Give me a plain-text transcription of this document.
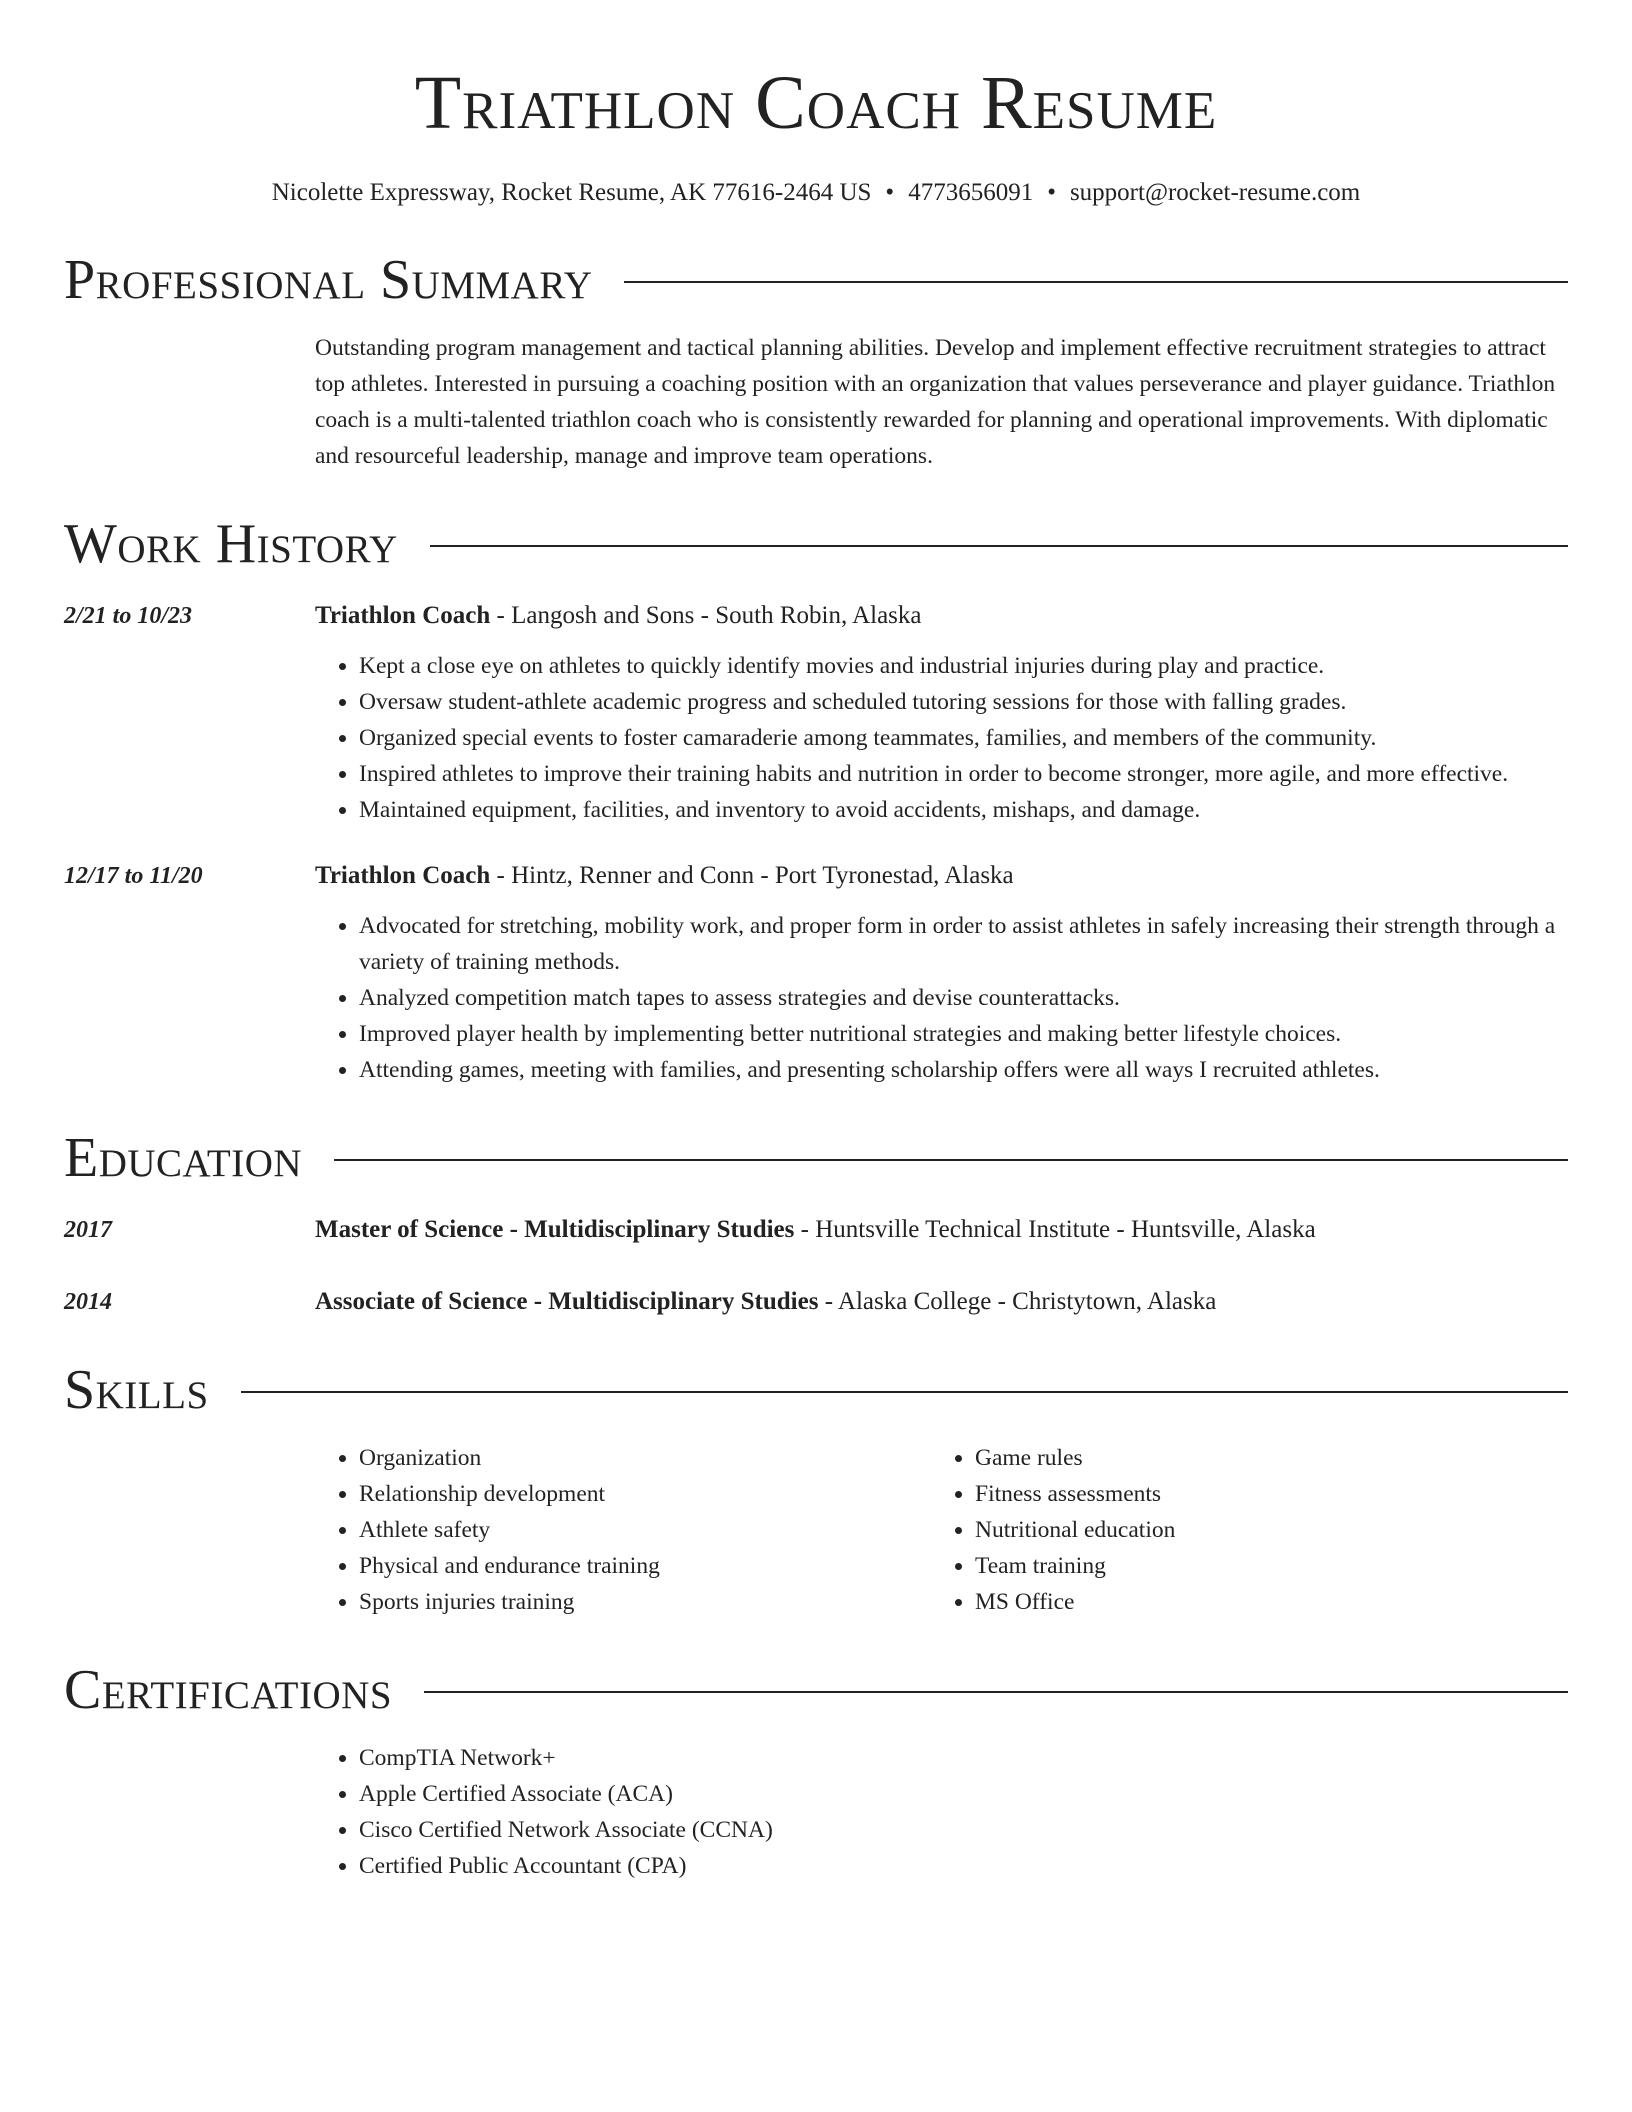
Triathlon Coach Resume
Nicolette Expressway, Rocket Resume, AK 77616-2464 US • 4773656091 • support@rocket-resume.com
Professional Summary
Outstanding program management and tactical planning abilities. Develop and implement effective recruitment strategies to attract top athletes. Interested in pursuing a coaching position with an organization that values perseverance and player guidance. Triathlon coach is a multi-talented triathlon coach who is consistently rewarded for planning and operational improvements. With diplomatic and resourceful leadership, manage and improve team operations.
Work History
2/21 to 10/23	Triathlon Coach - Langosh and Sons - South Robin, Alaska
• Kept a close eye on athletes to quickly identify movies and industrial injuries during play and practice.
• Oversaw student-athlete academic progress and scheduled tutoring sessions for those with falling grades.
• Organized special events to foster camaraderie among teammates, families, and members of the community.
• Inspired athletes to improve their training habits and nutrition in order to become stronger, more agile, and more effective.
• Maintained equipment, facilities, and inventory to avoid accidents, mishaps, and damage.
12/17 to 11/20	Triathlon Coach - Hintz, Renner and Conn - Port Tyronestad, Alaska
• Advocated for stretching, mobility work, and proper form in order to assist athletes in safely increasing their strength through a variety of training methods.
• Analyzed competition match tapes to assess strategies and devise counterattacks.
• Improved player health by implementing better nutritional strategies and making better lifestyle choices.
• Attending games, meeting with families, and presenting scholarship offers were all ways I recruited athletes.
Education
2017	Master of Science - Multidisciplinary Studies - Huntsville Technical Institute - Huntsville, Alaska
2014	Associate of Science - Multidisciplinary Studies - Alaska College - Christytown, Alaska
Skills
• Organization
• Relationship development
• Athlete safety
• Physical and endurance training
• Sports injuries training
• Game rules
• Fitness assessments
• Nutritional education
• Team training
• MS Office
Certifications
• CompTIA Network+
• Apple Certified Associate (ACA)
• Cisco Certified Network Associate (CCNA)
• Certified Public Accountant (CPA)
